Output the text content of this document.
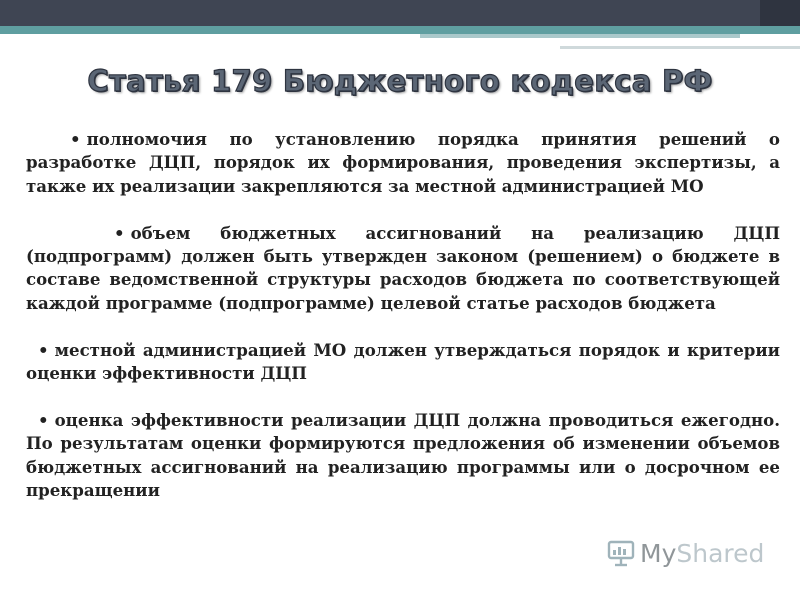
Статья 179 Бюджетного кодекса РФ

• полномочия по установлению порядка принятия решений о разработке ДЦП, порядок их формирования, проведения экспертизы, а также их реализации закрепляются за местной администрацией МО

• объем бюджетных ассигнований на реализацию ДЦП (подпрограмм) должен быть утвержден законом (решением) о бюджете в составе ведомственной структуры расходов бюджета по соответствующей каждой программе (подпрограмме) целевой статье расходов бюджета

• местной администрацией МО должен утверждаться порядок и критерии оценки эффективности ДЦП

• оценка эффективности реализации ДЦП должна проводиться ежегодно. По результатам оценки формируются предложения об изменении объемов бюджетных ассигнований на реализацию программы или о досрочном ее прекращении

My Shared
